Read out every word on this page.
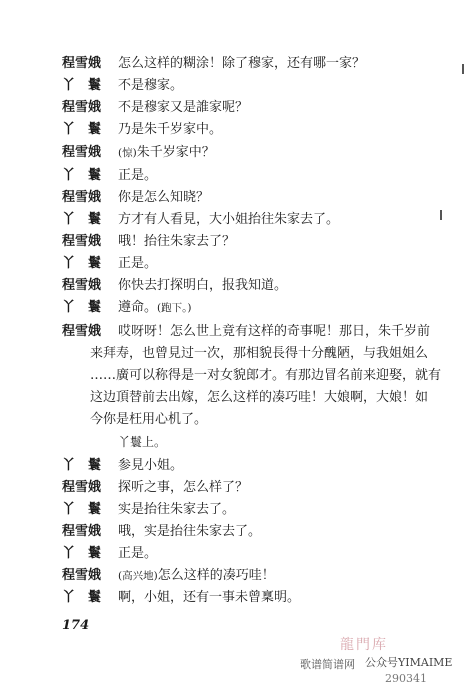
程雪娥 怎么这样的糊涂！除了穆家，还有哪一家？
丫　鬟 不是穆家。
程雪娥 不是穆家又是誰家呢？
丫　鬟 乃是朱千岁家中。
程雪娥 (惊)朱千岁家中？
丫　鬟 正是。
程雪娥 你是怎么知晓？
丫　鬟 方才有人看見，大小姐抬往朱家去了。
程雪娥 哦！抬往朱家去了？
丫　鬟 正是。
程雪娥 你快去打探明白，报我知道。
丫　鬟 遵命。(跑下。)
程雪娥 哎呀呀！怎么世上竟有这样的奇事呢！那日，朱千岁前
来拜寿，也曾見过一次，那相貌長得十分醜陋，与我姐姐么
……廣可以称得是一对女貌郎才。有那边冒名前来迎娶，就有
这边頂替前去出嫁，怎么这样的凑巧哇！大娘啊，大娘！如
今你是枉用心机了。
丫鬟上。
丫　鬟 参見小姐。
程雪娥 探听之事，怎么样了？
丫　鬟 实是抬往朱家去了。
程雪娥 哦，实是抬往朱家去了。
丫　鬟 正是。
程雪娥 (高兴地)怎么这样的凑巧哇！
丫　鬟 啊，小姐，还有一事未曾稟明。
174
龍門库
歌谱简谱网 公众号YIMAIME
290341
